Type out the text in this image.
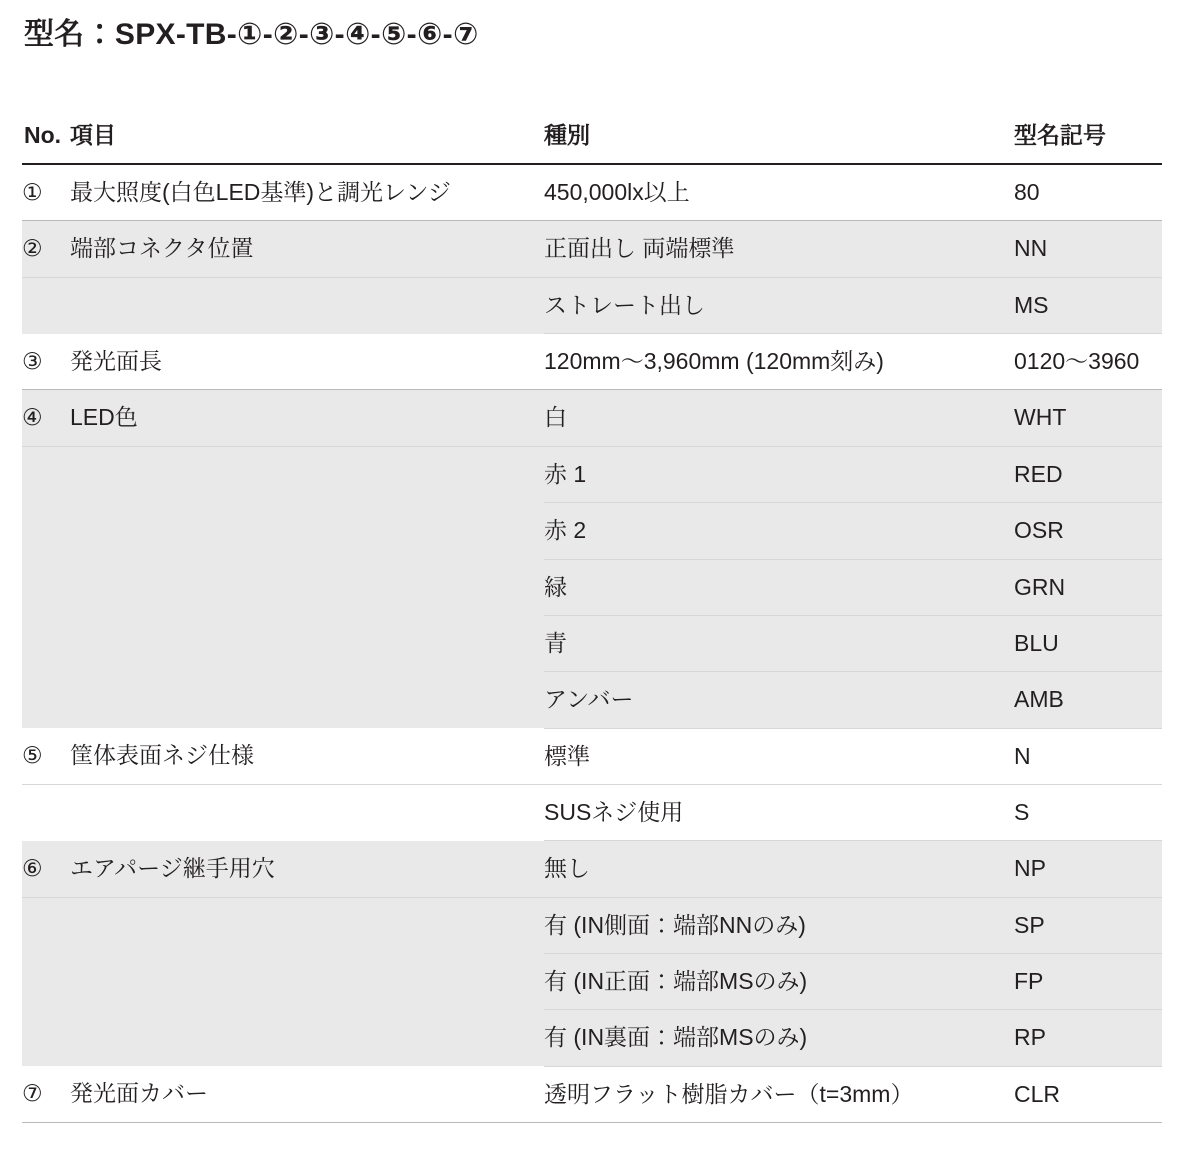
型名：SPX-TB-①-②-③-④-⑤-⑥-⑦
No.	項目	種別	型名記号
①	最大照度(白色LED基準)と調光レンジ	450,000lx以上	80
②	端部コネクタ位置	正面出し 両端標準	NN
		ストレート出し	MS
③	発光面長	120mm〜3,960mm (120mm刻み)	0120〜3960
④	LED色	白	WHT
		赤 1	RED
		赤 2	OSR
		緑	GRN
		青	BLU
		アンバー	AMB
⑤	筐体表面ネジ仕様	標準	N
		SUSネジ使用	S
⑥	エアパージ継手用穴	無し	NP
		有 (IN側面：端部NNのみ)	SP
		有 (IN正面：端部MSのみ)	FP
		有 (IN裏面：端部MSのみ)	RP
⑦	発光面カバー	透明フラット樹脂カバー（t=3mm）	CLR
